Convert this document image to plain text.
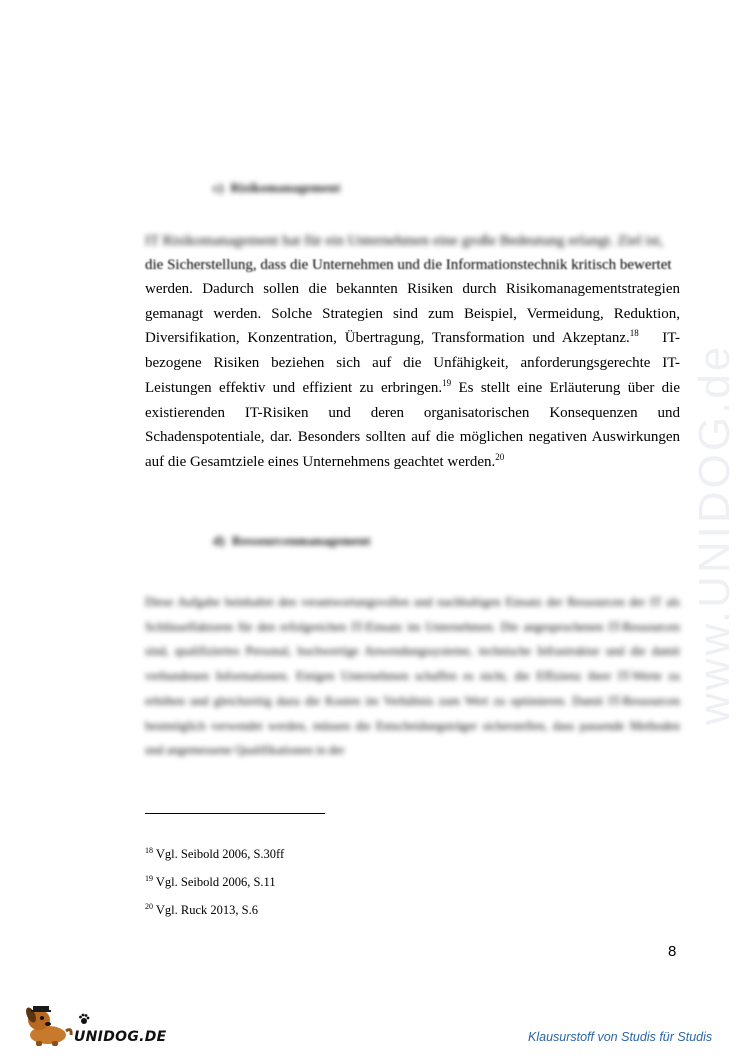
www.UNIDOG.de
c)  Risikomanagement
IT Risikomanagement hat für ein Unternehmen eine große Bedeutung erlangt. Ziel ist,
die Sicherstellung, dass die Unternehmen und die Informationstechnik kritisch bewertet
werden. Dadurch sollen die bekannten Risiken durch Risikomanagementstrategien gemanagt werden. Solche Strategien sind zum Beispiel, Vermeidung, Reduktion, Diversifikation, Konzentration, Übertragung, Transformation und Akzeptanz.$^{18}$ IT-bezogene Risiken beziehen sich auf die Unfähigkeit, anforderungsgerechte IT-Leistungen effektiv und effizient zu erbringen.$^{19}$ Es stellt eine Erläuterung über die existierenden IT-Risiken und deren organisatorischen Konsequenzen und Schadenspotentiale, dar. Besonders sollten auf die möglichen negativen Auswirkungen auf die Gesamtziele eines Unternehmens geachtet werden.$^{20}$
d)  Ressourcenmanagement
Diese Aufgabe beinhaltet den verantwortungsvollen und nachhaltigen Einsatz der Ressourcen der IT als Schlüsselfaktoren für den erfolgreichen IT-Einsatz im Unternehmen. Die angesprochenen IT-Ressourcen sind, qualifiziertes Personal, hochwertige Anwendungssysteme, technische Infrastruktur und die damit verbundenen Informationen. Einigen Unternehmen schaffen es nicht, die Effizienz ihrer IT-Werte zu erhöhen und gleichzeitig dazu die Kosten im Verhältnis zum Wert zu optimieren. Damit IT-Ressourcen bestmöglich verwendet werden, müssen die Entscheidungsträger sicherstellen, dass passende Methoden und angemessene Qualifikationen in der
$^{18}$ Vgl. Seibold 2006, S.30ff
$^{19}$ Vgl. Seibold 2006, S.11
$^{20}$ Vgl. Ruck 2013, S.6
8
UNIDOG.DE	Klausurstoff von Studis für Studis
